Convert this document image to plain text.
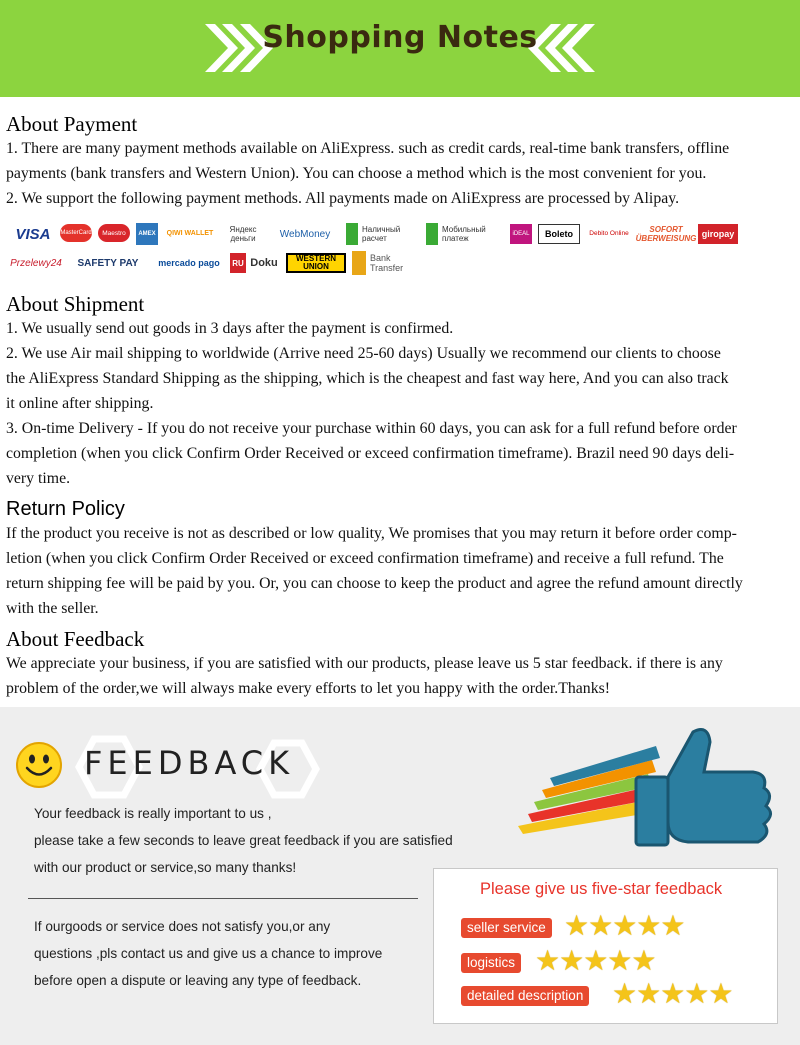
Shopping Notes
About Payment

1. There are many payment methods available on AliExpress. such as credit cards, real-time bank transfers, offline

payments (bank transfers and Western Union). You can choose a method which is the most convenient for you.

2. We support the following payment methods. All payments made on AliExpress are processed by Alipay.

VISA	MasterCard	Maestro	AMEX	QIWI WALLET	Яндекс деньги	WebMoney	Наличный расчет
Мобильный платеж	iDEAL	Boleto	Debito Online	SOFORT ÜBERWEISUNG giropay
Przelewy24	SAFETY PAY	mercado pago	RU Doku	WESTERN UNION
Bank Transfer
About Shipment

1. We usually send out goods in 3 days after the payment is confirmed.

2. We use Air mail shipping to worldwide (Arrive need 25-60 days) Usually we recommend our clients to choose

the AliExpress Standard Shipping as the shipping, which is the cheapest and fast way here, And you can also track

it online after shipping.

3. On-time Delivery - If you do not receive your purchase within 60 days, you can ask for a full refund before order

completion (when you click Confirm Order Received or exceed confirmation timeframe). Brazil need 90 days deli-

very time.

Return Policy

If the product you receive is not as described or low quality, We promises that you may return it before order comp-

letion (when you click Confirm Order Received or exceed confirmation timeframe) and receive a full refund. The

return shipping fee will be paid by you. Or, you can choose to keep the product and agree the refund amount directly

with the seller.

About Feedback

We appreciate your business, if you are satisfied with our products, please leave us 5 star feedback. if there is any

problem of the order,we will always make every efforts to let you happy with the order.Thanks!

FEEDBACK
Your feedback is really important to us ,
please take a few seconds to leave great feedback if you are satisfied
with our product or service,so many thanks!
If ourgoods or service does not satisfy you,or any
questions ,pls contact us and give us a chance to improve
before open a dispute or leaving any type of feedback.
Please give us five-star feedback
seller service ★★★★★
logistics ★★★★★
detailed description ★★★★★
